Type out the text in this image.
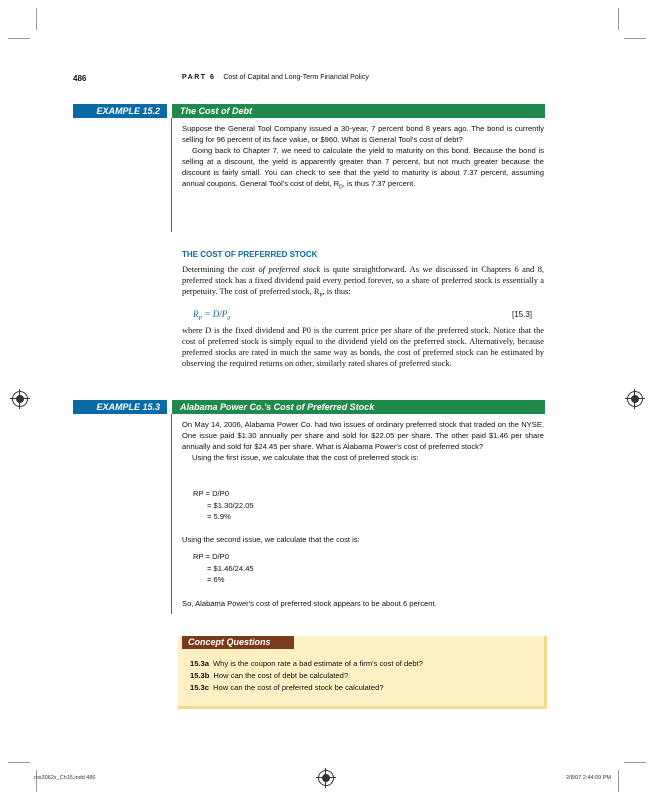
486	PART 6 Cost of Capital and Long-Term Financial Policy
EXAMPLE 15.2	The Cost of Debt

Suppose the General Tool Company issued a 30-year, 7 percent bond 8 years ago. The bond is currently selling for 96 percent of its face value, or $960. What is General Tool's cost of debt?

Going back to Chapter 7, we need to calculate the yield to maturity on this bond. Because the bond is selling at a discount, the yield is apparently greater than 7 percent, but not much greater because the discount is fairly small. You can check to see that the yield to maturity is about 7.37 percent, assuming annual coupons. General Tool's cost of debt, $R_D$, is thus 7.37 percent.

THE COST OF PREFERRED STOCK

Determining the cost of preferred stock is quite straightforward. As we discussed in Chapters 6 and 8, preferred stock has a fixed dividend paid every period forever, so a share of preferred stock is essentially a perpetuity. The cost of preferred stock, $R_P$, is thus:

$R_P = D/P_0$	[15.3]

where D is the fixed dividend and P0 is the current price per share of the preferred stock. Notice that the cost of preferred stock is simply equal to the dividend yield on the preferred stock. Alternatively, because preferred stocks are rated in much the same way as bonds, the cost of preferred stock can be estimated by observing the required returns on other, similarly rated shares of preferred stock.

EXAMPLE 15.3	Alabama Power Co.'s Cost of Preferred Stock

On May 14, 2006, Alabama Power Co. had two issues of ordinary preferred stock that traded on the NYSE. One issue paid $1.30 annually per share and sold for $22.05 per share. The other paid $1.46 per share annually and sold for $24.45 per share. What is Alabama Power's cost of preferred stock?

Using the first issue, we calculate that the cost of preferred stock is:

RP = D/P0
= $1.30/22.05
= 5.9%
Using the second issue, we calculate that the cost is:
RP = D/P0
= $1.46/24.45
= 6%
So, Alabama Power's cost of preferred stock appears to be about 6 percent.
Concept Questions
15.3a Why is the coupon rate a bad estimate of a firm's cost of debt?
15.3b How can the cost of debt be calculated?
15.3c How can the cost of preferred stock be calculated?
ros3062x_Ch15.indd 486	2/8/07 2:44:09 PM
